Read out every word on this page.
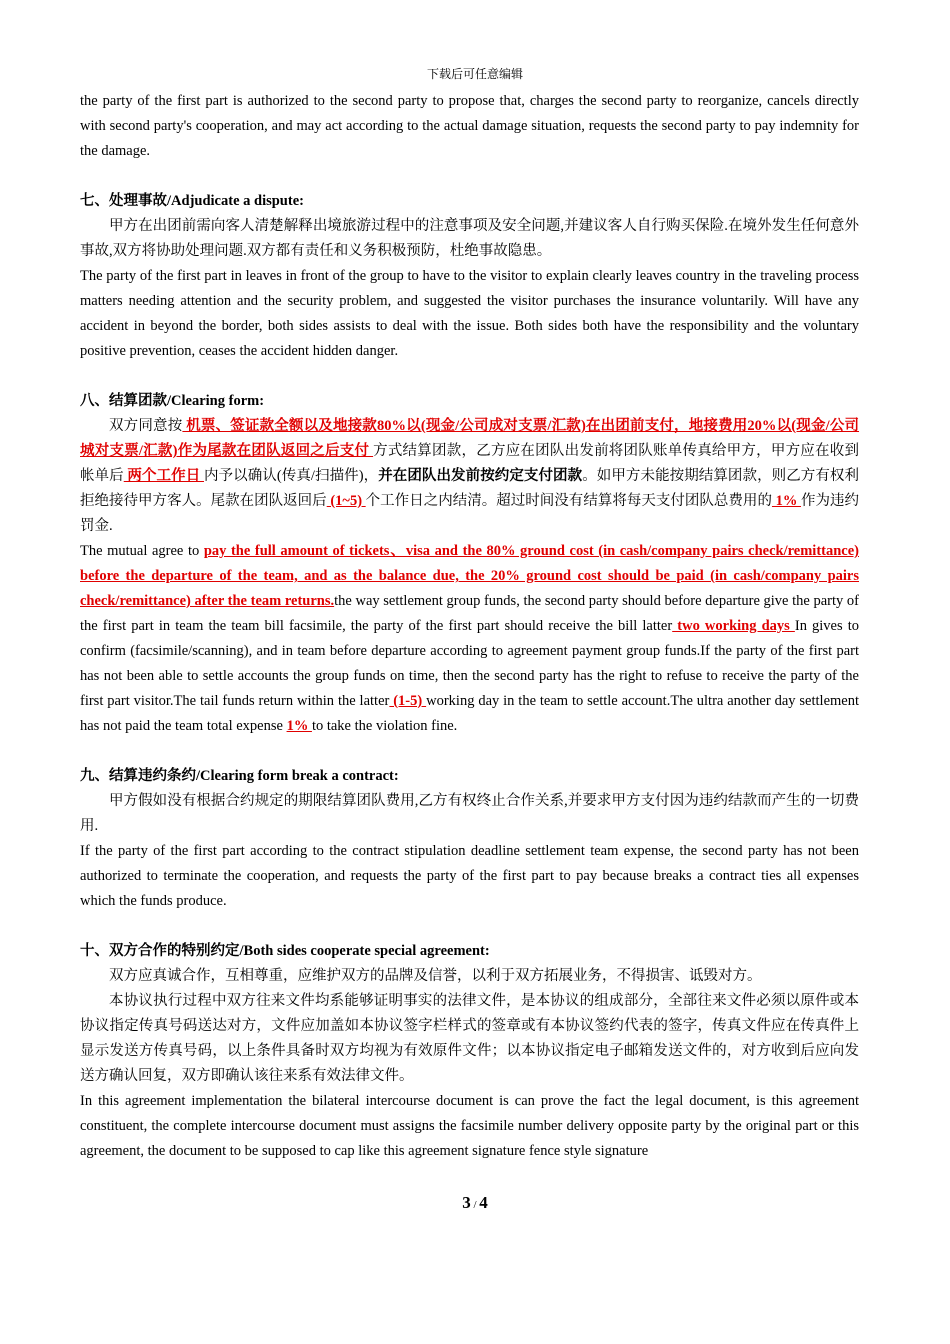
下载后可任意编辑

the party of the first part is authorized to the second party to propose that, charges the second party to reorganize, cancels directly with second party's cooperation, and may act according to the actual damage situation, requests the second party to pay indemnity for the damage.

七、处理事故/Adjudicate a dispute:

甲方在出团前需向客人清楚解释出境旅游过程中的注意事项及安全问题,并建议客人自行购买保险.在境外发生任何意外事故,双方将协助处理问题.双方都有责任和义务积极预防，杜绝事故隐患。

The party of the first part in leaves in front of the group to have to the visitor to explain clearly leaves country in the traveling process matters needing attention and the security problem, and suggested the visitor purchases the insurance voluntarily. Will have any accident in beyond the border, both sides assists to deal with the issue. Both sides both have the responsibility and the voluntary positive prevention, ceases the accident hidden danger.

八、结算团款/Clearing form:

双方同意按 机票、签证款全额以及地接款80%以(现金/公司成对支票/汇款)在出团前支付，地接费用20%以(现金/公司城对支票/汇款)作为尾款在团队返回之后支付 方式结算团款，乙方应在团队出发前将团队账单传真给甲方，甲方应在收到帐单后 两个工作日 内予以确认(传真/扫描件)，并在团队出发前按约定支付团款。如甲方未能按期结算团款，则乙方有权利拒绝接待甲方客人。尾款在团队返回后 (1~5) 个工作日之内结清。超过时间没有结算将每天支付团队总费用的 1% 作为违约罚金.

The mutual agree to pay the full amount of tickets、visa and the 80% ground cost (in cash/company pairs check/remittance) before the departure of the team, and as the balance due, the 20% ground cost should be paid (in cash/company pairs check/remittance) after the team returns.the way settlement group funds, the second party should before departure give the party of the first part in team the team bill facsimile, the party of the first part should receive the bill latter two working days In gives to confirm (facsimile/scanning), and in team before departure according to agreement payment group funds.If the party of the first part has not been able to settle accounts the group funds on time, then the second party has the right to refuse to receive the party of the first part visitor.The tail funds return within the latter (1-5) working day in the team to settle account.The ultra another day settlement has not paid the team total expense 1% to take the violation fine.

九、结算违约条约/Clearing form break a contract:

甲方假如没有根据合约规定的期限结算团队费用,乙方有权终止合作关系,并要求甲方支付因为违约结款而产生的一切费用.

If the party of the first part according to the contract stipulation deadline settlement team expense, the second party has not been authorized to terminate the cooperation, and requests the party of the first part to pay because breaks a contract ties all expenses which the funds produce.

十、双方合作的特别约定/Both sides cooperate special agreement:

双方应真诚合作，互相尊重，应维护双方的品牌及信誉，以利于双方拓展业务，不得损害、诋毁对方。

本协议执行过程中双方往来文件均系能够证明事实的法律文件，是本协议的组成部分，全部往来文件必须以原件或本协议指定传真号码送达对方，文件应加盖如本协议签字栏样式的签章或有本协议签约代表的签字，传真文件应在传真件上显示发送方传真号码，以上条件具备时双方均视为有效原件文件；以本协议指定电子邮箱发送文件的，对方收到后应向发送方确认回复，双方即确认该往来系有效法律文件。

In this agreement implementation the bilateral intercourse document is can prove the fact the legal document, is this agreement constituent, the complete intercourse document must assigns the facsimile number delivery opposite party by the original part or this agreement, the document to be supposed to cap like this agreement signature fence style signature

3 / 4
